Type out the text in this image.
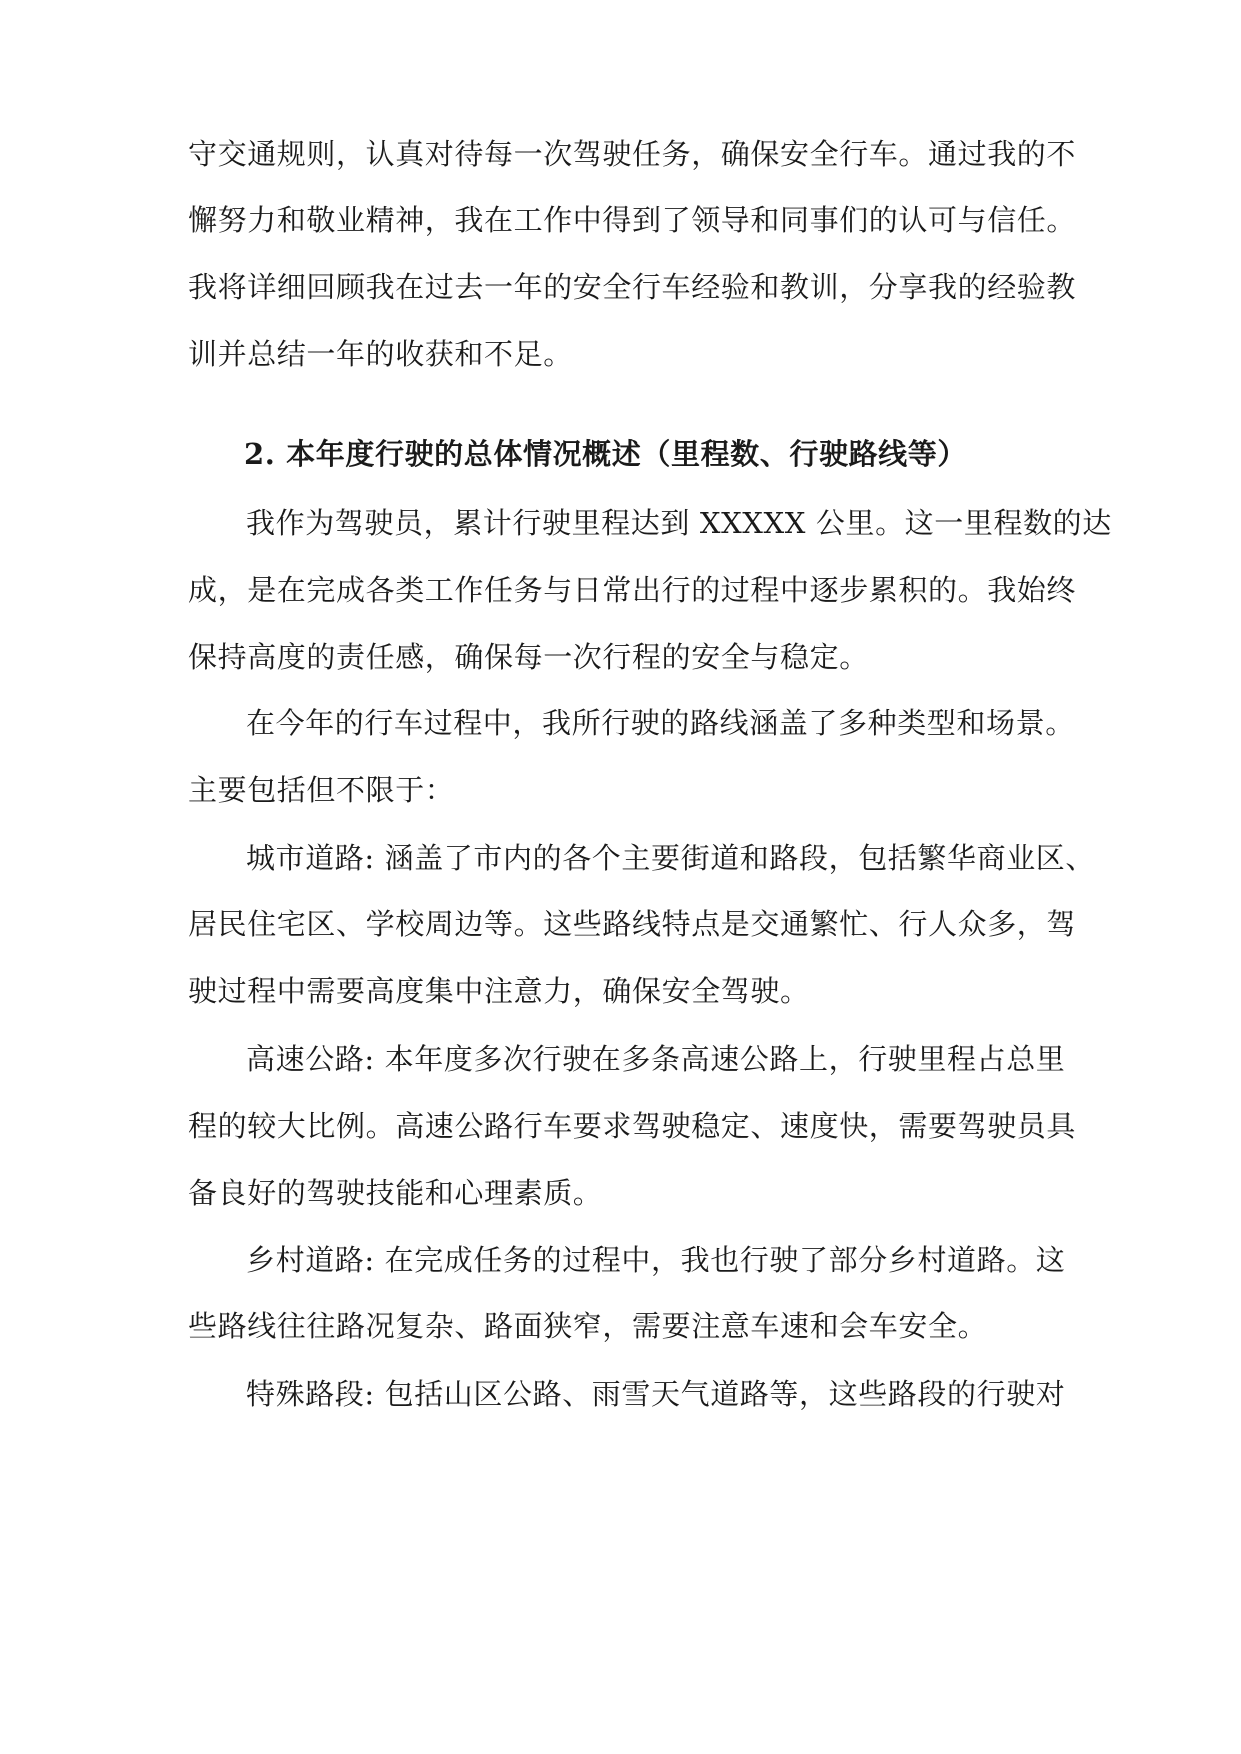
守交通规则，认真对待每一次驾驶任务，确保安全行车。通过我的不
懈努力和敬业精神，我在工作中得到了领导和同事们的认可与信任。
我将详细回顾我在过去一年的安全行车经验和教训，分享我的经验教
训并总结一年的收获和不足。
2. 本年度行驶的总体情况概述（里程数、行驶路线等）
我作为驾驶员，累计行驶里程达到 XXXXX 公里。这一里程数的达
成，是在完成各类工作任务与日常出行的过程中逐步累积的。我始终
保持高度的责任感，确保每一次行程的安全与稳定。
在今年的行车过程中，我所行驶的路线涵盖了多种类型和场景。
主要包括但不限于：
城市道路: 涵盖了市内的各个主要街道和路段，包括繁华商业区、
居民住宅区、学校周边等。这些路线特点是交通繁忙、行人众多，驾
驶过程中需要高度集中注意力，确保安全驾驶。
高速公路: 本年度多次行驶在多条高速公路上，行驶里程占总里
程的较大比例。高速公路行车要求驾驶稳定、速度快，需要驾驶员具
备良好的驾驶技能和心理素质。
乡村道路: 在完成任务的过程中，我也行驶了部分乡村道路。这
些路线往往路况复杂、路面狭窄，需要注意车速和会车安全。
特殊路段: 包括山区公路、雨雪天气道路等，这些路段的行驶对
